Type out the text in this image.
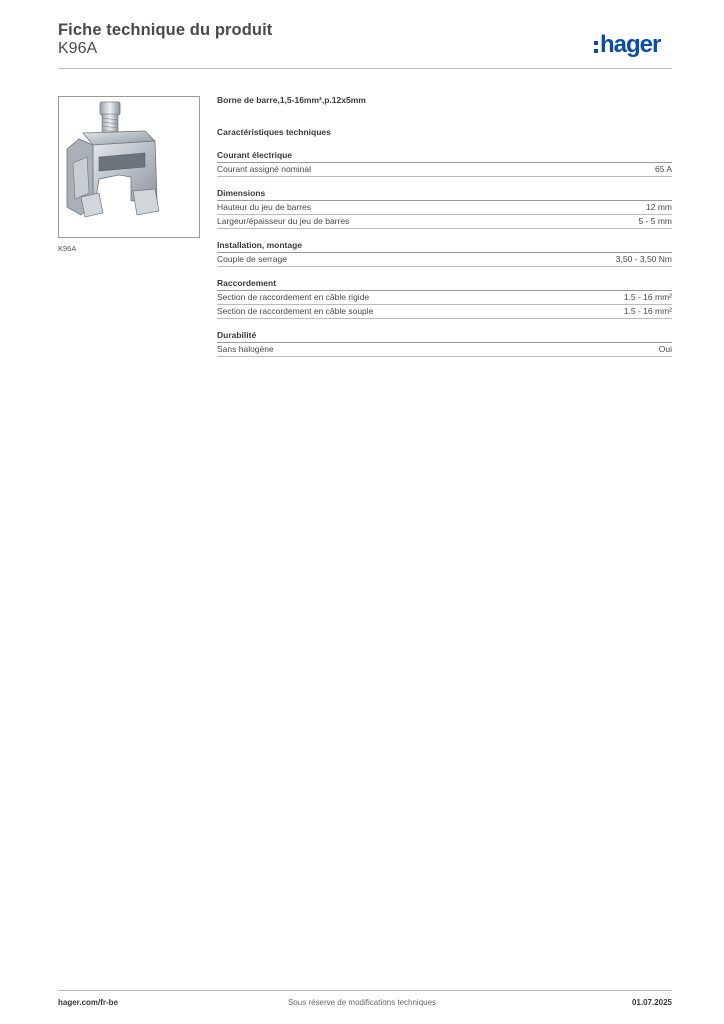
Fiche technique du produit
K96A	hager
K96A
Borne de barre,1,5-16mm²,p.12x5mm
Caractéristiques techniques
Courant électrique
Courant assigné nominal	65 A
Dimensions
Hauteur du jeu de barres	12 mm
Largeur/épaisseur du jeu de barres	5 - 5 mm
Installation, montage
Couple de serrage	3,50 - 3,50 Nm
Raccordement
Section de raccordement en câble rigide	1.5 - 16 mm²
Section de raccordement en câble souple	1.5 - 16 mm²
Durabilité
Sans halogène	Oui
Sous réserve de modifications techniques
hager.com/fr-be	01.07.2025
